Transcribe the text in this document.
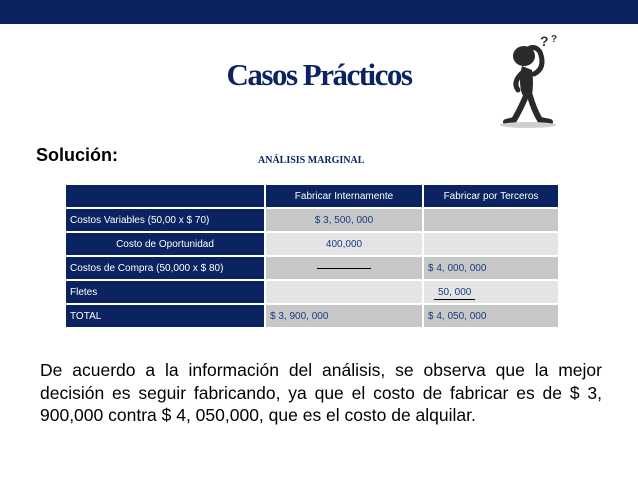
Casos Prácticos
? ?
Solución:	ANÁLISIS MARGINAL
	Fabricar Internamente	Fabricar por Terceros
Costos Variables (50,00 x $ 70)	$ 3, 500, 000	
Costo de Oportunidad	400,000	
Costos de Compra (50,000 x $ 80)		$ 4, 000, 000
Fletes		50, 000
TOTAL	$ 3, 900, 000	$ 4, 050, 000
De acuerdo a la información del análisis, se observa que la mejor decisión es seguir fabricando, ya que el costo de fabricar es de $ 3, 900,000 contra $ 4, 050,000, que es el costo de alquilar.
